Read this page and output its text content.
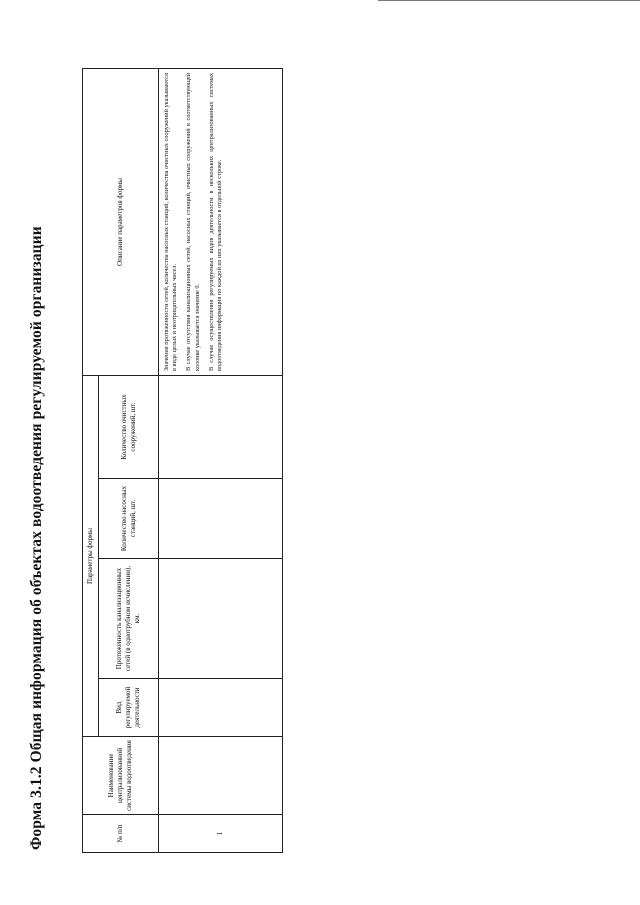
Форма 3.1.2 Общая информация об объектах водоотведения регулируемой организации	№ п/п	Наименование централизованной системы водоотведения	Параметры формы				Описание параметров формы
		Вид регулируемой деятельности	Протяженность канализационных сетей (в однотрубном исчислении), км.	Количество насосных станций, шт.	Количество очистных сооружений, шт.	
1						Значения протяженности сетей, количества насосных станций, количества очистных сооружений указываются в виде целых и неотрицательных чисел. В случае отсутствия канализационных сетей, насосных станций, очистных сооружений в соответствующей колонке указывается значение 0. В случае осуществления регулируемых видов деятельности в нескольких централизованных системах водоотведения информация по каждой из них указывается в отдельной строке.
